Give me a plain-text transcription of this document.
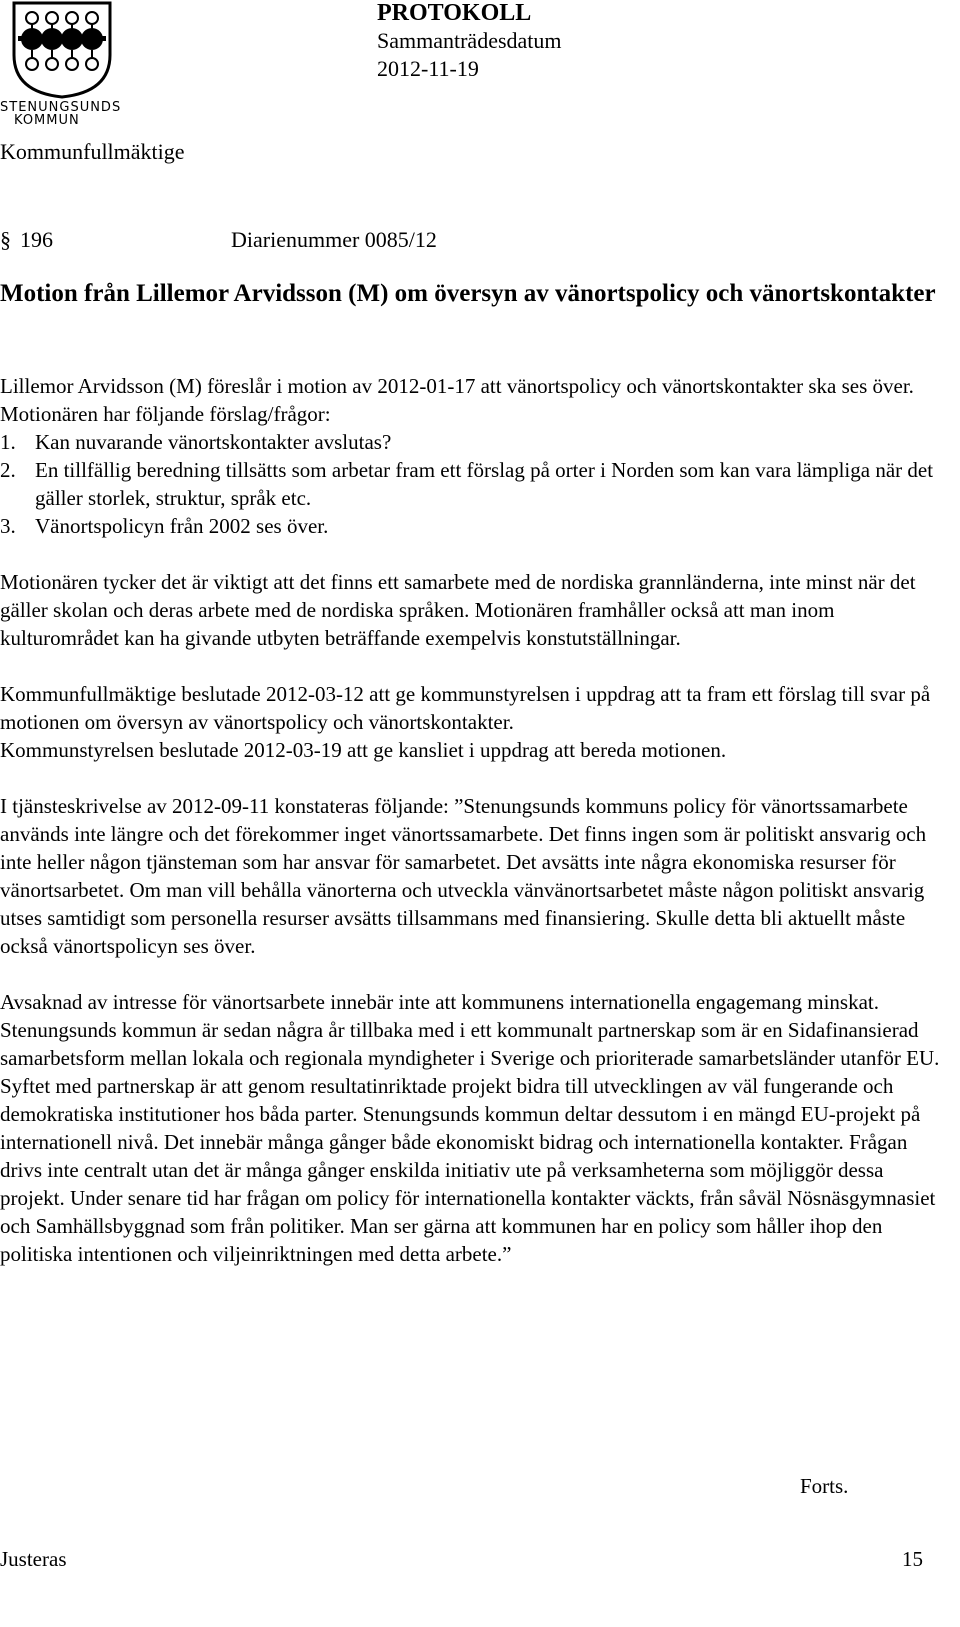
STENUNGSUNDS
KOMMUN
PROTOKOLL
Sammanträdesdatum
2012-11-19
Kommunfullmäktige
§ 196	Diarienummer 0085/12
Motion från Lillemor Arvidsson (M) om översyn av vänortspolicy och vänortskontakter

Lillemor Arvidsson (M) föreslår i motion av 2012-01-17 att vänortspolicy och vänortskontakter ska ses över.

Motionären har följande förslag/frågor:

1. Kan nuvarande vänortskontakter avslutas?
2. En tillfällig beredning tillsätts som arbetar fram ett förslag på orter i Norden som kan vara lämpliga när det gäller storlek, struktur, språk etc.
3. Vänortspolicyn från 2002 ses över.

Motionären tycker det är viktigt att det finns ett samarbete med de nordiska grannländerna, inte minst när det gäller skolan och deras arbete med de nordiska språken. Motionären framhåller också att man inom kulturområdet kan ha givande utbyten beträffande exempelvis konstutställningar.

Kommunfullmäktige beslutade 2012-03-12 att ge kommunstyrelsen i uppdrag att ta fram ett förslag till svar på motionen om översyn av vänortspolicy och vänortskontakter.

Kommunstyrelsen beslutade 2012-03-19 att ge kansliet i uppdrag att bereda motionen.

I tjänsteskrivelse av 2012-09-11 konstateras följande: ”Stenungsunds kommuns policy för vänortssamarbete används inte längre och det förekommer inget vänortssamarbete. Det finns ingen som är politiskt ansvarig och inte heller någon tjänsteman som har ansvar för samarbetet. Det avsätts inte några ekonomiska resurser för vänortsarbetet. Om man vill behålla vänorterna och utveckla vänvänortsarbetet måste någon politiskt ansvarig utses samtidigt som personella resurser avsätts tillsammans med finansiering. Skulle detta bli aktuellt måste också vänortspolicyn ses över.

Avsaknad av intresse för vänortsarbete innebär inte att kommunens internationella engagemang minskat. Stenungsunds kommun är sedan några år tillbaka med i ett kommunalt partnerskap som är en Sidafinansierad samarbetsform mellan lokala och regionala myndigheter i Sverige och prioriterade samarbetsländer utanför EU. Syftet med partnerskap är att genom resultatinriktade projekt bidra till utvecklingen av väl fungerande och demokratiska institutioner hos båda parter. Stenungsunds kommun deltar dessutom i en mängd EU-projekt på internationell nivå. Det innebär många gånger både ekonomiskt bidrag och internationella kontakter. Frågan drivs inte centralt utan det är många gånger enskilda initiativ ute på verksamheterna som möjliggör dessa projekt. Under senare tid har frågan om policy för internationella kontakter väckts, från såväl Nösnäsgymnasiet och Samhällsbyggnad som från politiker. Man ser gärna att kommunen har en policy som håller ihop den politiska intentionen och viljeinriktningen med detta arbete.”

Forts.
Justeras	15
